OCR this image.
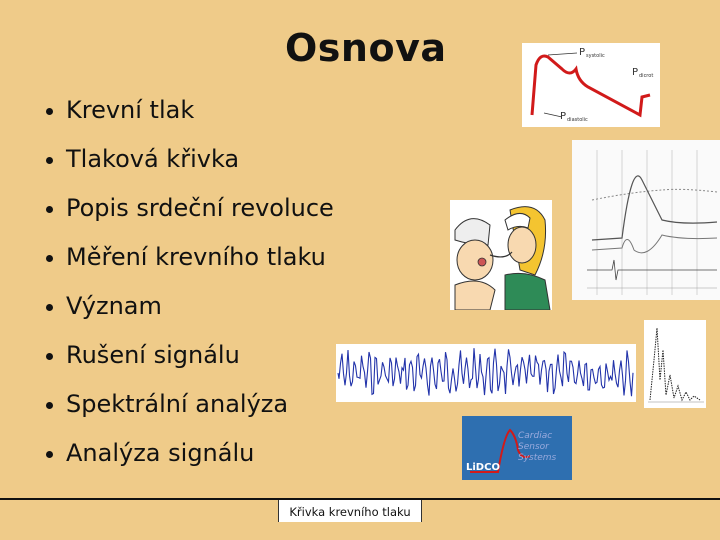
Osnova
Krevní tlak
Tlaková křivka
Popis srdeční revoluce
Měření krevního tlaku
Význam
Rušení signálu
Spektrální analýza
Analýza signálu
P systolic
P dicrot
P diastolic
Cardiac
Sensor
Systems
LiDCO
Křivka krevního tlaku
